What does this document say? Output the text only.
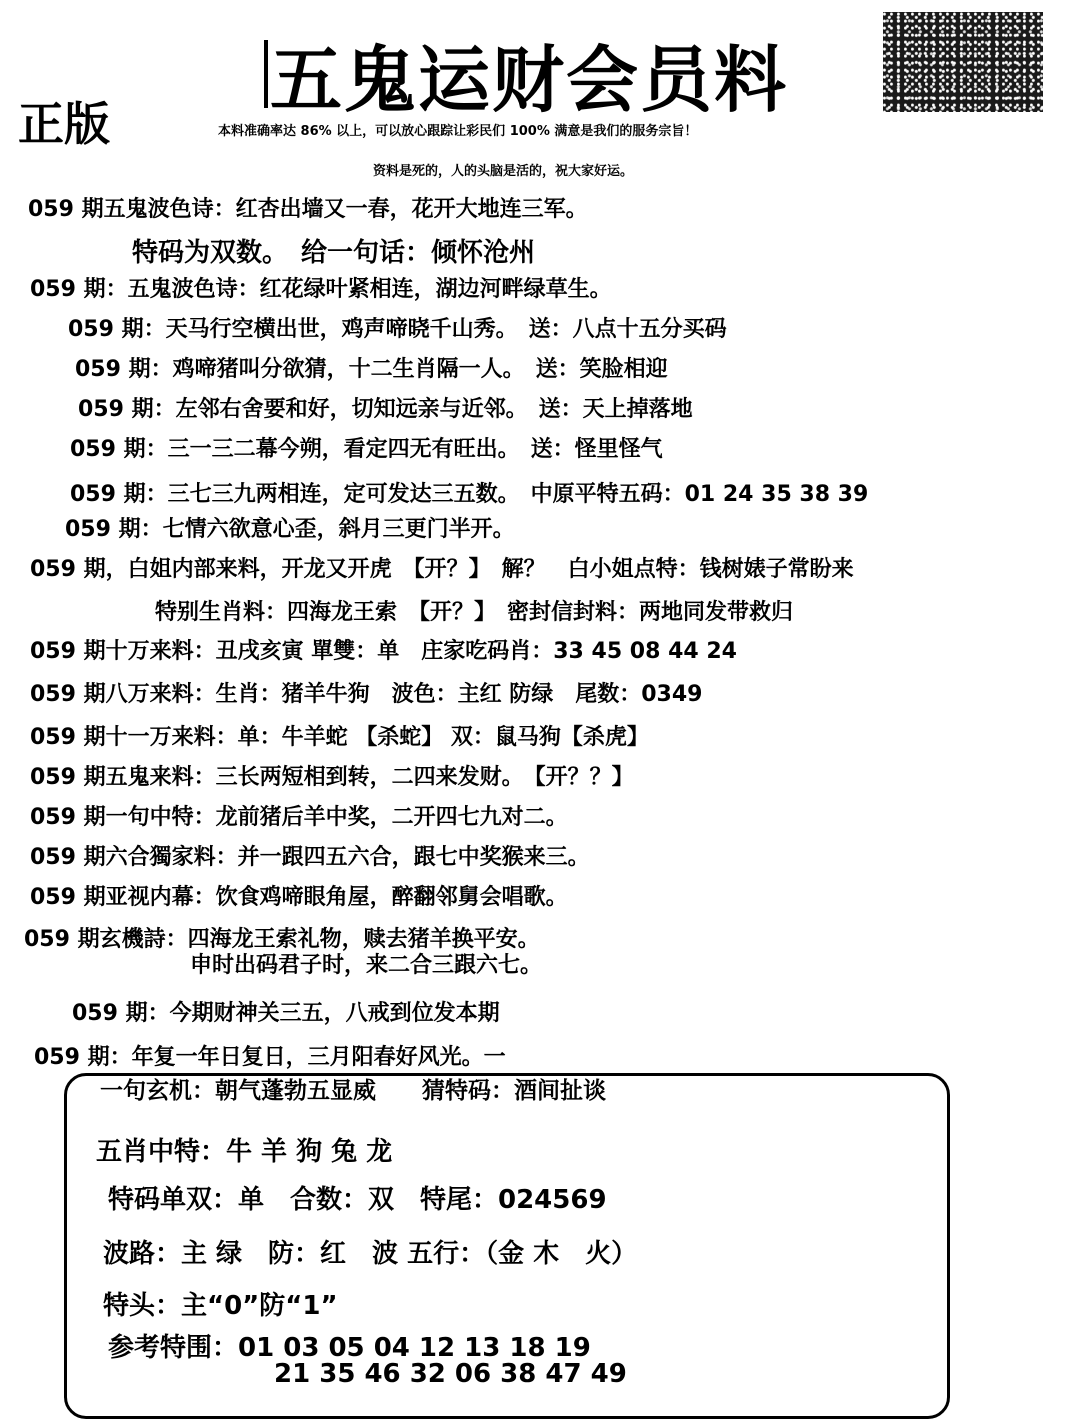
五鬼运财会员料
正版	本料准确率达 86% 以上，可以放心跟踪让彩民们 100% 满意是我们的服务宗旨！
资料是死的，人的头脑是活的，祝大家好运。
059 期五鬼波色诗：红杏出墙又一春，花开大地连三军。
特码为双数。　给一句话：倾怀沧州
059 期：五鬼波色诗：红花绿叶紧相连，湖边河畔绿草生。
059 期：天马行空横出世，鸡声啼晓千山秀。　送：八点十五分买码
059 期：鸡啼猪叫分欲猜，十二生肖隔一人。　送：笑脸相迎
059 期：左邻右舍要和好，切知远亲与近邻。　送：天上掉落地
059 期：三一三二幕今朔，看定四无有旺出。　送：怪里怪气
059 期：三七三九两相连，定可发达三五数。　中原平特五码：01 24 35 38 39
059 期：七情六欲意心歪，斜月三更门半开。
059 期，白姐内部来料，开龙又开虎　【开？】　解？　白小姐点特：钱树婊子常盼来
特别生肖料：四海龙王索　【开？】　密封信封料：两地同发带救归
059 期十万来料：丑戌亥寅 單雙：单　庄家吃码肖：33 45 08 44 24
059 期八万来料：生肖：猪羊牛狗　波色：主红 防绿　尾数：0349
059 期十一万来料：单：牛羊蛇 【杀蛇】 双：鼠马狗【杀虎】
059 期五鬼来料：三长两短相到转，二四来发财。　【开？？】
059 期一句中特：龙前猪后羊中奖，二开四七九对二。
059 期六合獨家料：并一跟四五六合，跟七中奖猴来三。
059 期亚视内幕：饮食鸡啼眼角屋，醉翻邻舅会唱歌。
059 期玄機詩：四海龙王索礼物，赎去猪羊换平安。
申时出码君子时，来二合三跟六七。
059 期：今期财神关三五，八戒到位发本期
059 期：年复一年日复日，三月阳春好风光。一
一句玄机：朝气蓬勃五显威　　猜特码：酒间扯谈
五肖中特：牛 羊 狗 兔 龙
特码单双：单　合数：双　特尾：024569
波路：主 绿　防：红　波 五行：（金 木　火）
特头：主“0”防“1”
参考特围：01 03 05 04 12 13 18 19
21 35 46 32 06 38 47 49
